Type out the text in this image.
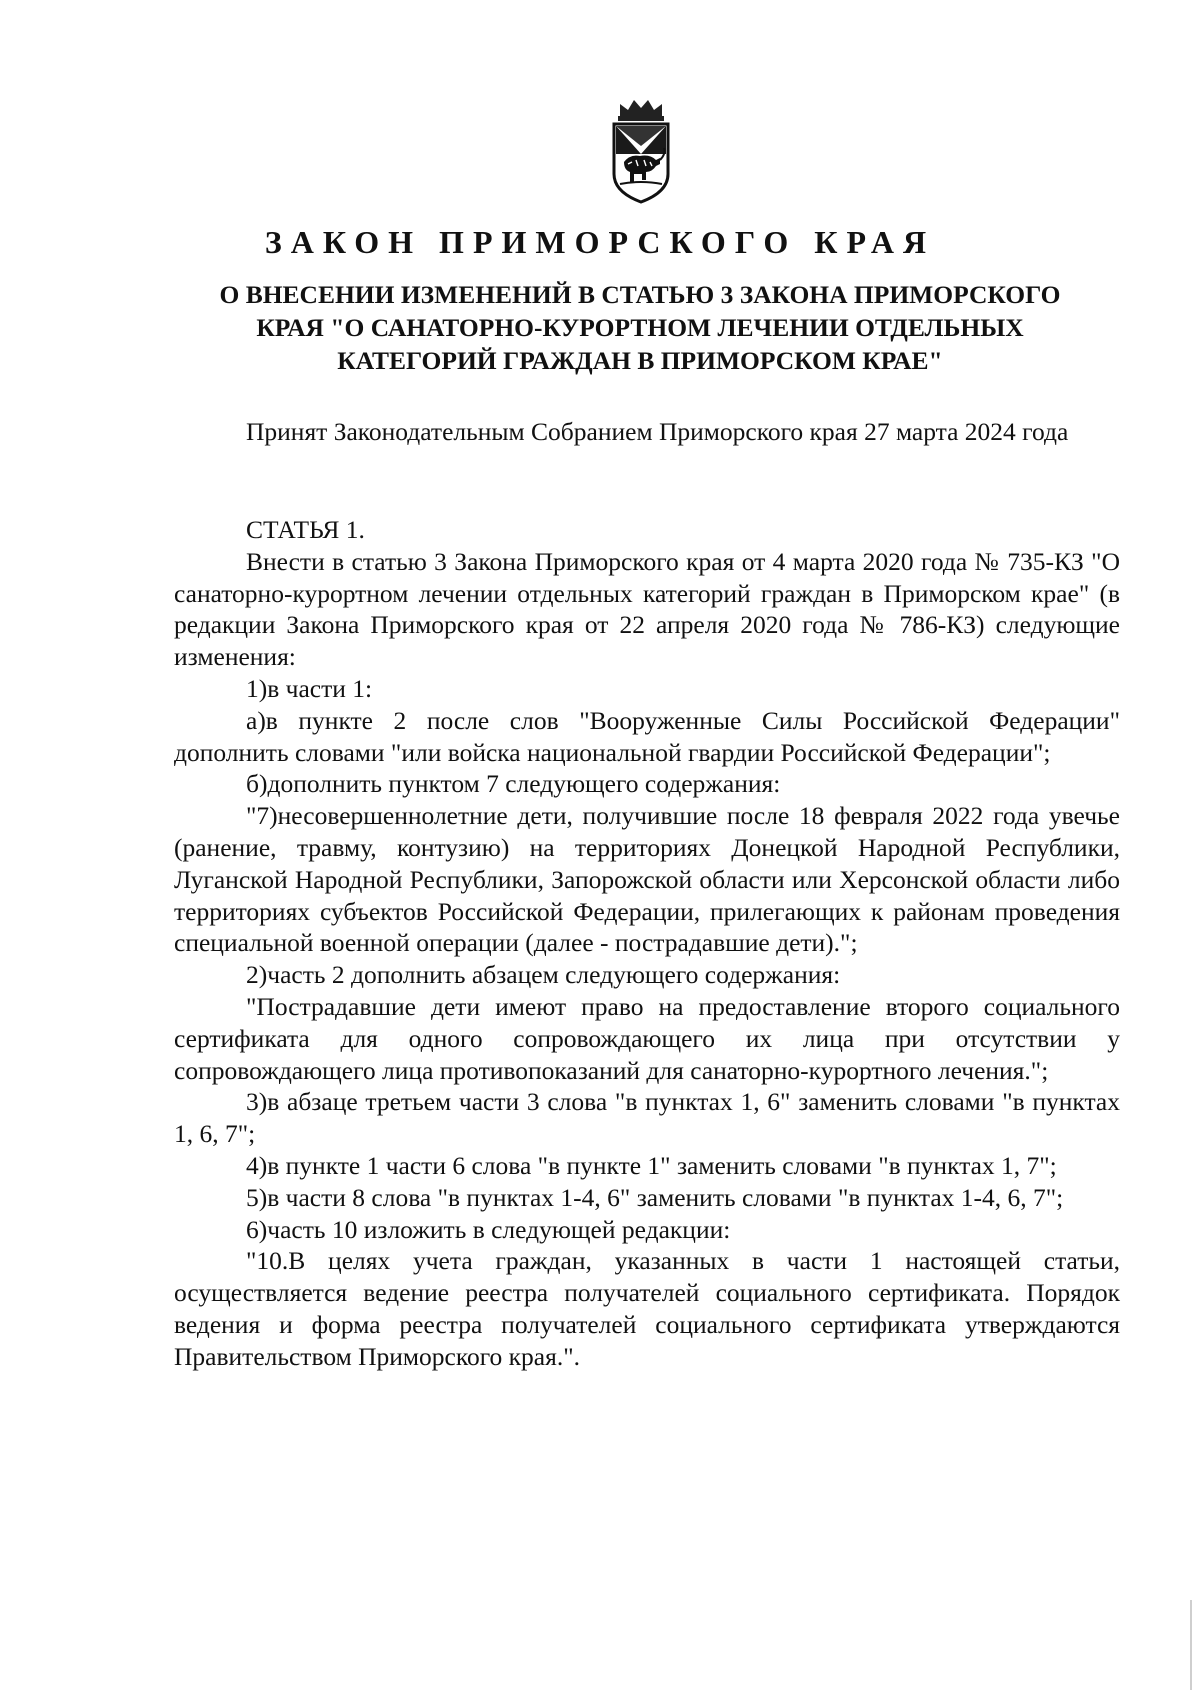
ЗАКОН ПРИМОРСКОГО КРАЯ
О ВНЕСЕНИИ ИЗМЕНЕНИЙ В СТАТЬЮ 3 ЗАКОНА ПРИМОРСКОГО
КРАЯ "О САНАТОРНО-КУРОРТНОМ ЛЕЧЕНИИ ОТДЕЛЬНЫХ
КАТЕГОРИЙ ГРАЖДАН В ПРИМОРСКОМ КРАЕ"

Принят Законодательным Собранием Приморского края 27 марта 2024 года

СТАТЬЯ 1.

Внести в статью 3 Закона Приморского края от 4 марта 2020 года № 735-КЗ "О санаторно-курортном лечении отдельных категорий граждан в Приморском крае" (в редакции Закона Приморского края от 22 апреля 2020 года № 786-КЗ) следующие изменения:

1)в части 1:

а)в пункте 2 после слов "Вооруженные Силы Российской Федерации" дополнить словами "или войска национальной гвардии Российской Федерации";

б)дополнить пунктом 7 следующего содержания:

"7)несовершеннолетние дети, получившие после 18 февраля 2022 года увечье (ранение, травму, контузию) на территориях Донецкой Народной Республики, Луганской Народной Республики, Запорожской области или Херсонской области либо территориях субъектов Российской Федерации, прилегающих к районам проведения специальной военной операции (далее - пострадавшие дети).";

2)часть 2 дополнить абзацем следующего содержания:

"Пострадавшие дети имеют право на предоставление второго социального сертификата для одного сопровождающего их лица при отсутствии у сопровождающего лица противопоказаний для санаторно-курортного лечения.";

3)в абзаце третьем части 3 слова "в пунктах 1, 6" заменить словами "в пунктах 1, 6, 7";

4)в пункте 1 части 6 слова "в пункте 1" заменить словами "в пунктах 1, 7";

5)в части 8 слова "в пунктах 1-4, 6" заменить словами "в пунктах 1-4, 6, 7";

6)часть 10 изложить в следующей редакции:

"10.В целях учета граждан, указанных в части 1 настоящей статьи, осуществляется ведение реестра получателей социального сертификата. Порядок ведения и форма реестра получателей социального сертификата утверждаются Правительством Приморского края.".
